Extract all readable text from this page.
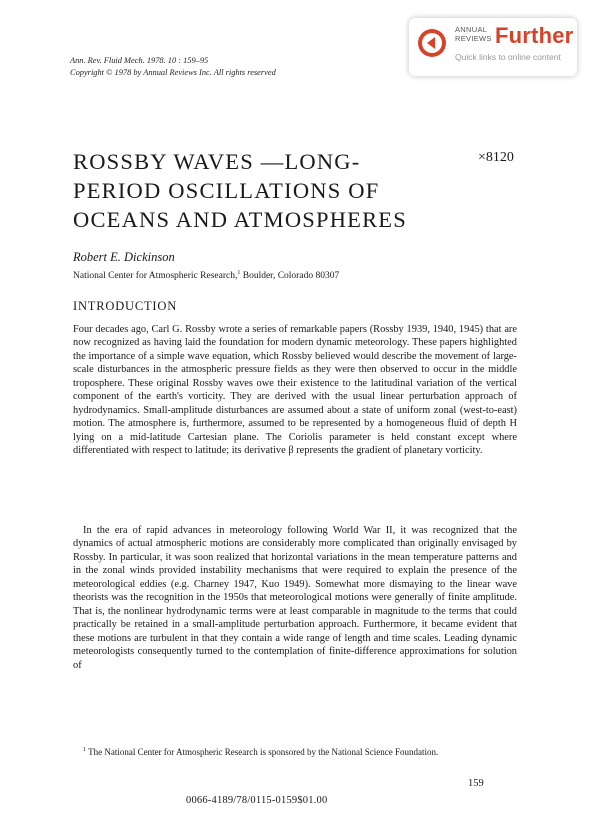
Ann. Rev. Fluid Mech. 1978. 10 : 159–95
Copyright © 1978 by Annual Reviews Inc. All rights reserved
ANNUAL
REVIEWS Further
Quick links to online content
ROSSBY WAVES —LONG-
PERIOD OSCILLATIONS OF
OCEANS AND ATMOSPHERES
×8120
Robert E. Dickinson
National Center for Atmospheric Research,$^1$ Boulder, Colorado 80307
INTRODUCTION
Four decades ago, Carl G. Rossby wrote a series of remarkable papers (Rossby 1939, 1940, 1945) that are now recognized as having laid the foundation for modern dynamic meteorology. These papers highlighted the importance of a simple wave equation, which Rossby believed would describe the movement of large-scale disturbances in the atmospheric pressure fields as they were then observed to occur in the middle troposphere. These original Rossby waves owe their existence to the latitudinal variation of the vertical component of the earth's vorticity. They are derived with the usual linear perturbation approach of hydrodynamics. Small-amplitude disturbances are assumed about a state of uniform zonal (west-to-east) motion. The atmosphere is, furthermore, assumed to be represented by a homogeneous fluid of depth H lying on a mid-latitude Cartesian plane. The Coriolis parameter is held constant except where differentiated with respect to latitude; its derivative β represents the gradient of planetary vorticity.
In the era of rapid advances in meteorology following World War II, it was recognized that the dynamics of actual atmospheric motions are considerably more complicated than originally envisaged by Rossby. In particular, it was soon realized that horizontal variations in the mean temperature patterns and in the zonal winds provided instability mechanisms that were required to explain the presence of the meteorological eddies (e.g. Charney 1947, Kuo 1949). Somewhat more dismaying to the linear wave theorists was the recognition in the 1950s that meteorological motions were generally of finite amplitude. That is, the nonlinear hydrodynamic terms were at least comparable in magnitude to the terms that could practically be retained in a small-amplitude perturbation approach. Furthermore, it became evident that these motions are turbulent in that they contain a wide range of length and time scales. Leading dynamic meteorologists consequently turned to the contemplation of finite-difference approximations for solution of
$^1$ The National Center for Atmospheric Research is sponsored by the National Science Foundation.
159
0066-4189/78/0115-0159$01.00
